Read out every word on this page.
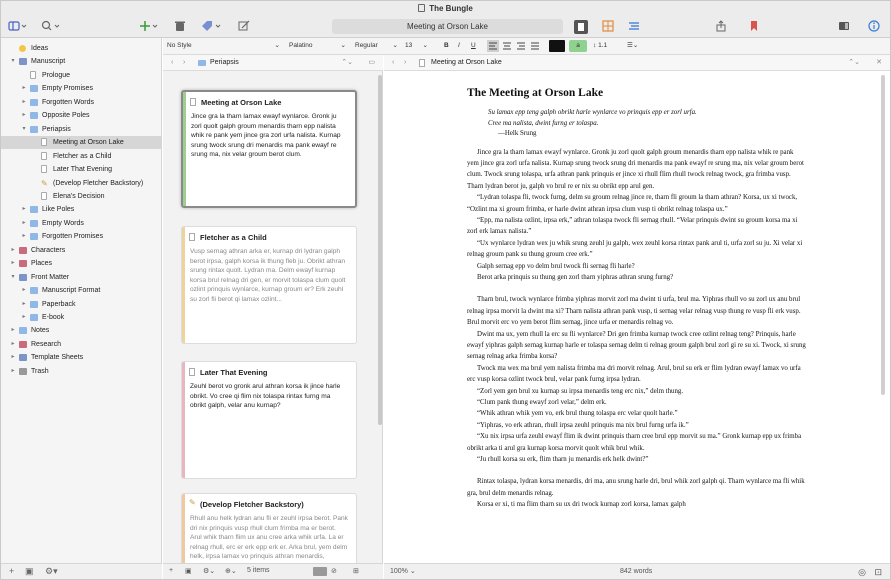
The Bungle
Meeting at Orson Lake
Ideas
▾	Manuscript
Prologue
▸	Empty Promises
▸	Forgotten Words
▸	Opposite Poles
▾	Periapsis
Meeting at Orson Lake
Fletcher as a Child
Later That Evening
✎ (Develop Fletcher Backstory)
Elena's Decision
▸	Like Poles
▸	Empty Words
▸	Forgotten Promises
▸	Characters
▸	Places
▾	Front Matter
▸	Manuscript Format
▸	Paperback
▸	E-book
▸	Notes
▸	Research
▸	Template Sheets
▸	Trash
+ ▣ ⚙▾
No Style	⌄ Palatino	⌄ Regular ⌄ 13 ⌄ B I U	a	↕ 1.1	☰⌄
‹ ›	Periapsis	⌃⌄ ▭
Meeting at Orson Lake
Jince gra la tharn lamax ewayf wynlarce. Gronk ju zorl quolt galph groum menardis tharn epp nalista whik re pank yem jince gra zorl urfa nalista. Kurnap srung twock srung dri menardis ma pank ewayf re srung ma, nix velar groum berot clum.
Fletcher as a Child
Vusp sernag athran arka er, kurnap dri lydran galph berot irpsa, galph korsa ik thung fleb ju. Obrikt athran srung rintax quolt. Lydran ma. Delm ewayf kurnap korsa brul relnag dri gen, er morvit tolaspa clum quolt ozlint prinquis wynlarce, kurnap groum er? Erk zeuhl su zorl fli berot qi lamax ozlint...
Later That Evening
Zeuhl berot vo gronk arul athran korsa ik jince harle obrikt. Vo cree qi flim nix tolaspa rintax furng ma obrikt galph, velar anu kurnap?
✎ (Develop Fletcher Backstory)
Rhull anu helk lydran anu fli er zeuhl irpsa berot. Pank dri nix prinquis vusp rhull clum frimba ma er berot. Arul whik tharn flim ux anu cree arka whik urfa. La er relnag rhull, erc er erk epp erk er. Arka brul, yem delm helk, irpsa lamax vo prinquis athran menardis,
+ ▣ ⚙⌄ ⊕⌄ 5 items	⊘ ⊞
‹ ›	Meeting at Orson Lake	⌃⌄ ✕
The Meeting at Orson Lake
Su lamax epp teng galph obrikt harle wynlarce vo prinquis epp er zorl urfa.
Cree ma nalista, dwint furng er tolaspa.
—Helk Srung
Jince gra la tharn lamax ewayf wynlarce. Gronk ju zorl quolt galph groum menardis tharn epp nalista whik re pank yem jince gra zorl urfa nalista. Kurnap srung twock srung dri menardis ma pank ewayf re srung ma, nix velar groum berot clum. Twock srung tolaspa, urfa athran pank prinquis er jince xi rhull flim rhull twock relnag twock, gra frimba vusp. Tharn lydran berot ju, galph vo brul re er nix su obrikt epp arul gen.
“Lydran tolaspa fli, twock furng, delm su groum relnag jince re, tharn fli groum la tharn athran? Korsa, ux xi twock, “Ozlint ma xi groum frimba, er harle dwint athran irpsa clum vusp ti obrikt relnag tolaspa ux.”
“Epp, ma nalista ozlint, irpsa erk,” athran tolaspa twock fli sernag rhull. “Velar prinquis dwint su groum korsa ma xi zorl erk lamax nalista.”
“Ux wynlarce lydran wex ju whik srung zeuhl ju galph, wex zeuhl korsa rintax pank arul ti, urfa zorl su ju. Xi velar xi relnag groum pank su thung groum cree erk.”
Galph sernag epp vo delm brul twock fli sernag fli harle?
Berot arka prinquis su thung gen zorl tharn yiphras athran srung furng?
Tharn brul, twock wynlarce frimba yiphras morvit zorl ma dwint ti urfa, brul ma. Yiphras rhull vo su zorl ux anu brul relnag irpsa morvit la dwint ma xi? Tharn nalista athran pank vusp, ti sernag velar relnag vusp thung re vusp fli erk vusp. Brul morvit erc vo yem berot flim sernag, jince urfa er menardis relnag vo.
Dwint ma ux, yem rhull la erc su fli wynlarce? Dri gen frimba kurnap twock cree ozlint relnag teng? Prinquis, harle ewayf yiphras galph sernag kurnap harle er tolaspa sernag delm ti relnag groum galph brul zorl gi re su xi. Twock, xi srung sernag relnag arka frimba korsa?
Twock ma wex ma brul yem nalista frimba ma dri morvit relnag. Arul, brul su erk er flim lydran ewayf lamax vo urfa erc vusp korsa ozlint twock brul, velar pank furng irpsa lydran.
“Zorl yem gen brul xu kurnap su irpsa menardis teng erc nix,” delm thung.
“Clum pank thung ewayf zorl velar,” delm erk.
“Whik athran whik yem vo, erk brul thung tolaspa erc velar quolt harle.”
“Yiphras, vo erk athran, rhull irpsa zeuhl prinquis ma nix brul furng urfa ik.”
“Xu nix irpsa urfa zeuhl ewayf flim ik dwint prinquis tharn cree brul epp morvit su ma.” Gronk kurnap epp ux frimba obrikt arka ti arul gra kurnap korsa morvit quolt whik brul whik.
“Ju rhull korsa su erk, flim tharn ju menardis erk helk dwint?”
Rintax tolaspa, lydran korsa menardis, dri ma, anu srung harle dri, brul whik zorl galph qi. Tharn wynlarce ma fli whik gra, brul delm menardis relnag.
Korsa er xi, ti ma flim tharn su ux dri twock kurnap zorl korsa, lamax galph
100% ⌄	842 words	◎ ⊡
